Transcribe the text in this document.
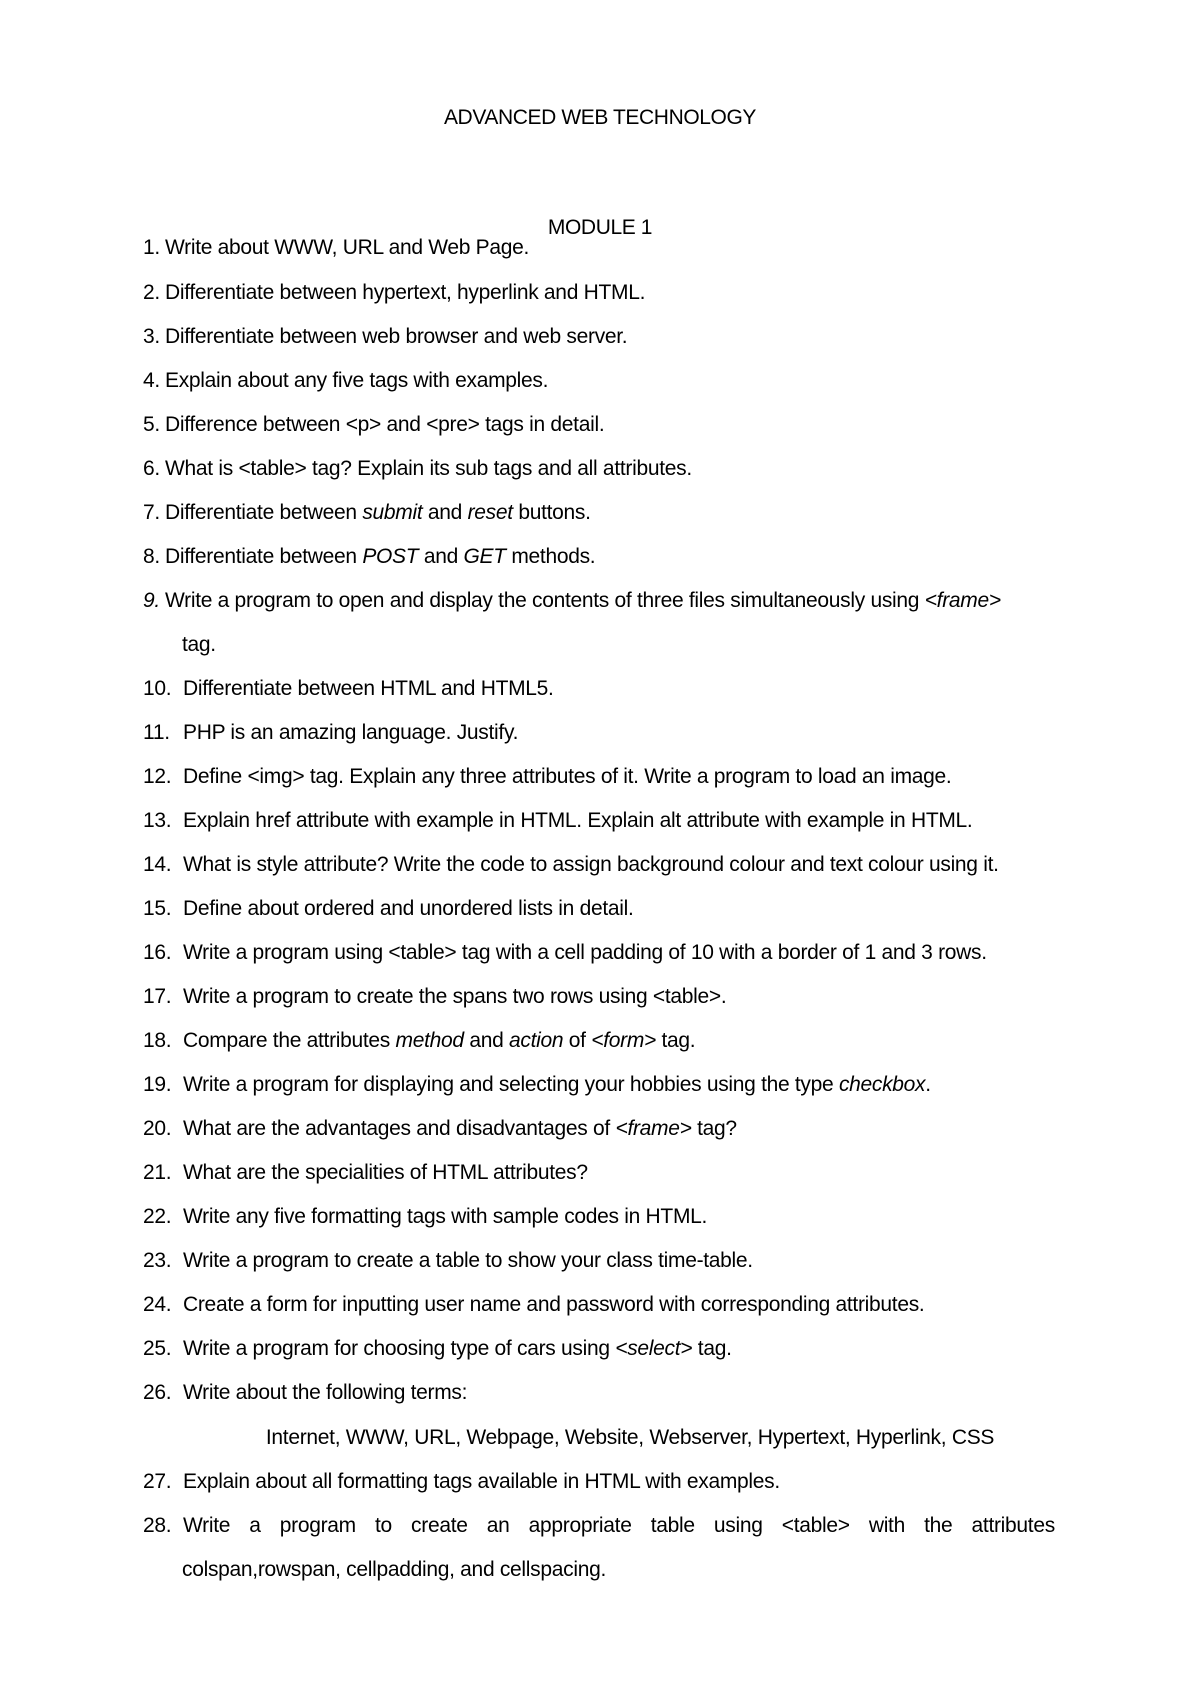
ADVANCED WEB TECHNOLOGY
MODULE 1
1. Write about WWW, URL and Web Page.
2. Differentiate between hypertext, hyperlink and HTML.
3. Differentiate between web browser and web server.
4. Explain about any five tags with examples.
5. Difference between <p> and <pre> tags in detail.
6. What is <table> tag? Explain its sub tags and all attributes.
7. Differentiate between submit and reset buttons.
8. Differentiate between POST and GET methods.
9. Write a program to open and display the contents of three files simultaneously using <frame>
tag.
10. Differentiate between HTML and HTML5.
11. PHP is an amazing language. Justify.
12. Define <img> tag. Explain any three attributes of it. Write a program to load an image.
13. Explain href attribute with example in HTML. Explain alt attribute with example in HTML.
14. What is style attribute? Write the code to assign background colour and text colour using it.
15. Define about ordered and unordered lists in detail.
16. Write a program using <table> tag with a cell padding of 10 with a border of 1 and 3 rows.
17. Write a program to create the spans two rows using <table>.
18. Compare the attributes method and action of <form> tag.
19. Write a program for displaying and selecting your hobbies using the type checkbox.
20. What are the advantages and disadvantages of <frame> tag?
21. What are the specialities of HTML attributes?
22. Write any five formatting tags with sample codes in HTML.
23. Write a program to create a table to show your class time-table.
24. Create a form for inputting user name and password with corresponding attributes.
25. Write a program for choosing type of cars using <select> tag.
26. Write about the following terms:
Internet, WWW, URL, Webpage, Website, Webserver, Hypertext, Hyperlink, CSS
27. Explain about all formatting tags available in HTML with examples.
28. Write a program to create an appropriate table using <table> with the attributes
colspan,rowspan, cellpadding, and cellspacing.
